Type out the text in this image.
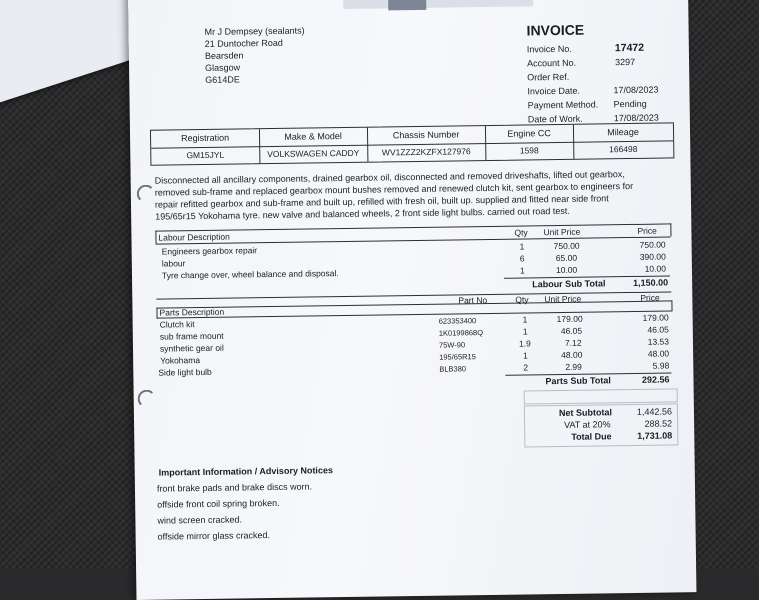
Mr J Dempsey (sealants)
21 Duntocher Road
Bearsden
Glasgow
G614DE
INVOICE
Invoice No.	17472
Account No.	3297
Order Ref.
Invoice Date.	17/08/2023
Payment Method. Pending
Date of Work.	17/08/2023
Registration	Make & Model	Chassis Number	Engine CC	Mileage
GM15JYL	VOLKSWAGEN CADDY	WV1ZZZ2KZFX127976	1598	166498
Disconnected all ancillary components, drained gearbox oil, disconnected and removed driveshafts, lifted out gearbox,
removed sub-frame and replaced gearbox mount bushes removed and renewed clutch kit, sent gearbox to engineers for
repair refitted gearbox and sub-frame and built up, refilled with fresh oil, built up. supplied and fitted near side front
195/65r15 Yokohama tyre. new valve and balanced wheels, 2 front side light bulbs. carried out road test.
Labour Description	Qty Unit Price	Price
Engineers gearbox repair	1	750.00	750.00
labour	6	65.00	390.00
Tyre change over, wheel balance and disposal.	1	10.00	10.00
Labour Sub Total	1,150.00
Part No	Qty Unit Price	Price
Parts Description
Clutch kit	623353400	1	179.00	179.00
sub frame mount	1K0199868Q	1	46.05	46.05
synthetic gear oil	75W-90	1.9	7.12	13.53
Yokohama	195/65R15	1	48.00	48.00
Side light bulb	BLB380	2	2.99	5.98
Parts Sub Total	292.56
Net Subtotal	1,442.56
VAT at 20%	288.52
Total Due	1,731.08
Important Information / Advisory Notices
front brake pads and brake discs worn.
offside front coil spring broken.
wind screen cracked.
offside mirror glass cracked.
